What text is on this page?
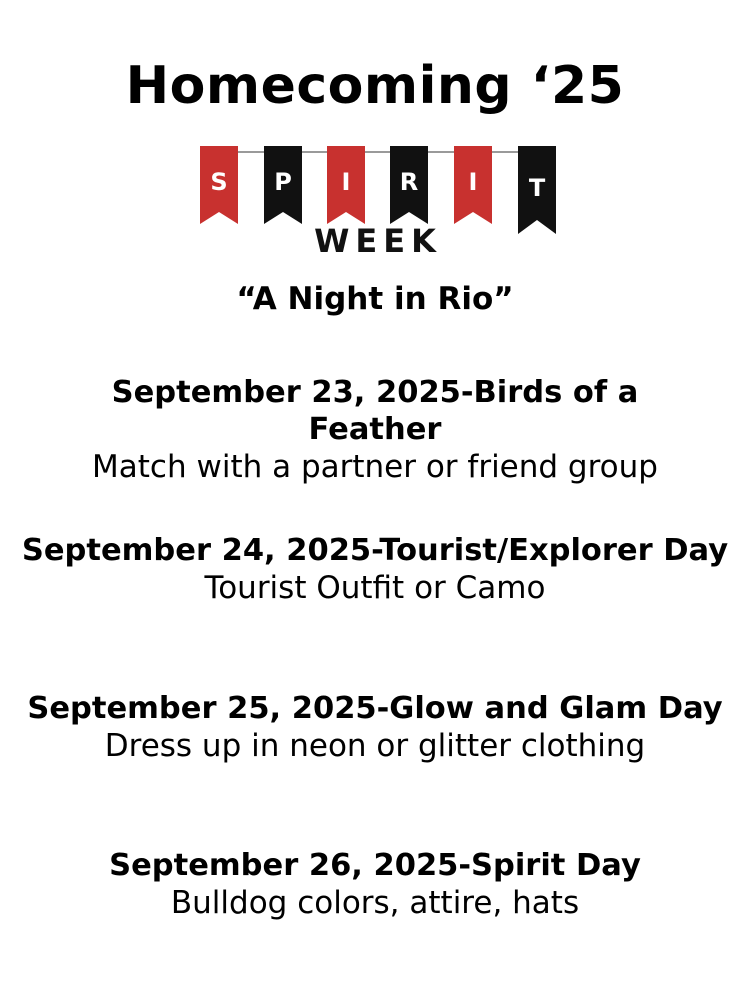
Homecoming ‘25
S P I R I T
WEEK
“A Night in Rio”
September 23, 2025-Birds of a Feather
Match with a partner or friend group
September 24, 2025-Tourist/Explorer Day
Tourist Outfit or Camo
September 25, 2025-Glow and Glam Day
Dress up in neon or glitter clothing
September 26, 2025-Spirit Day
Bulldog colors, attire, hats
